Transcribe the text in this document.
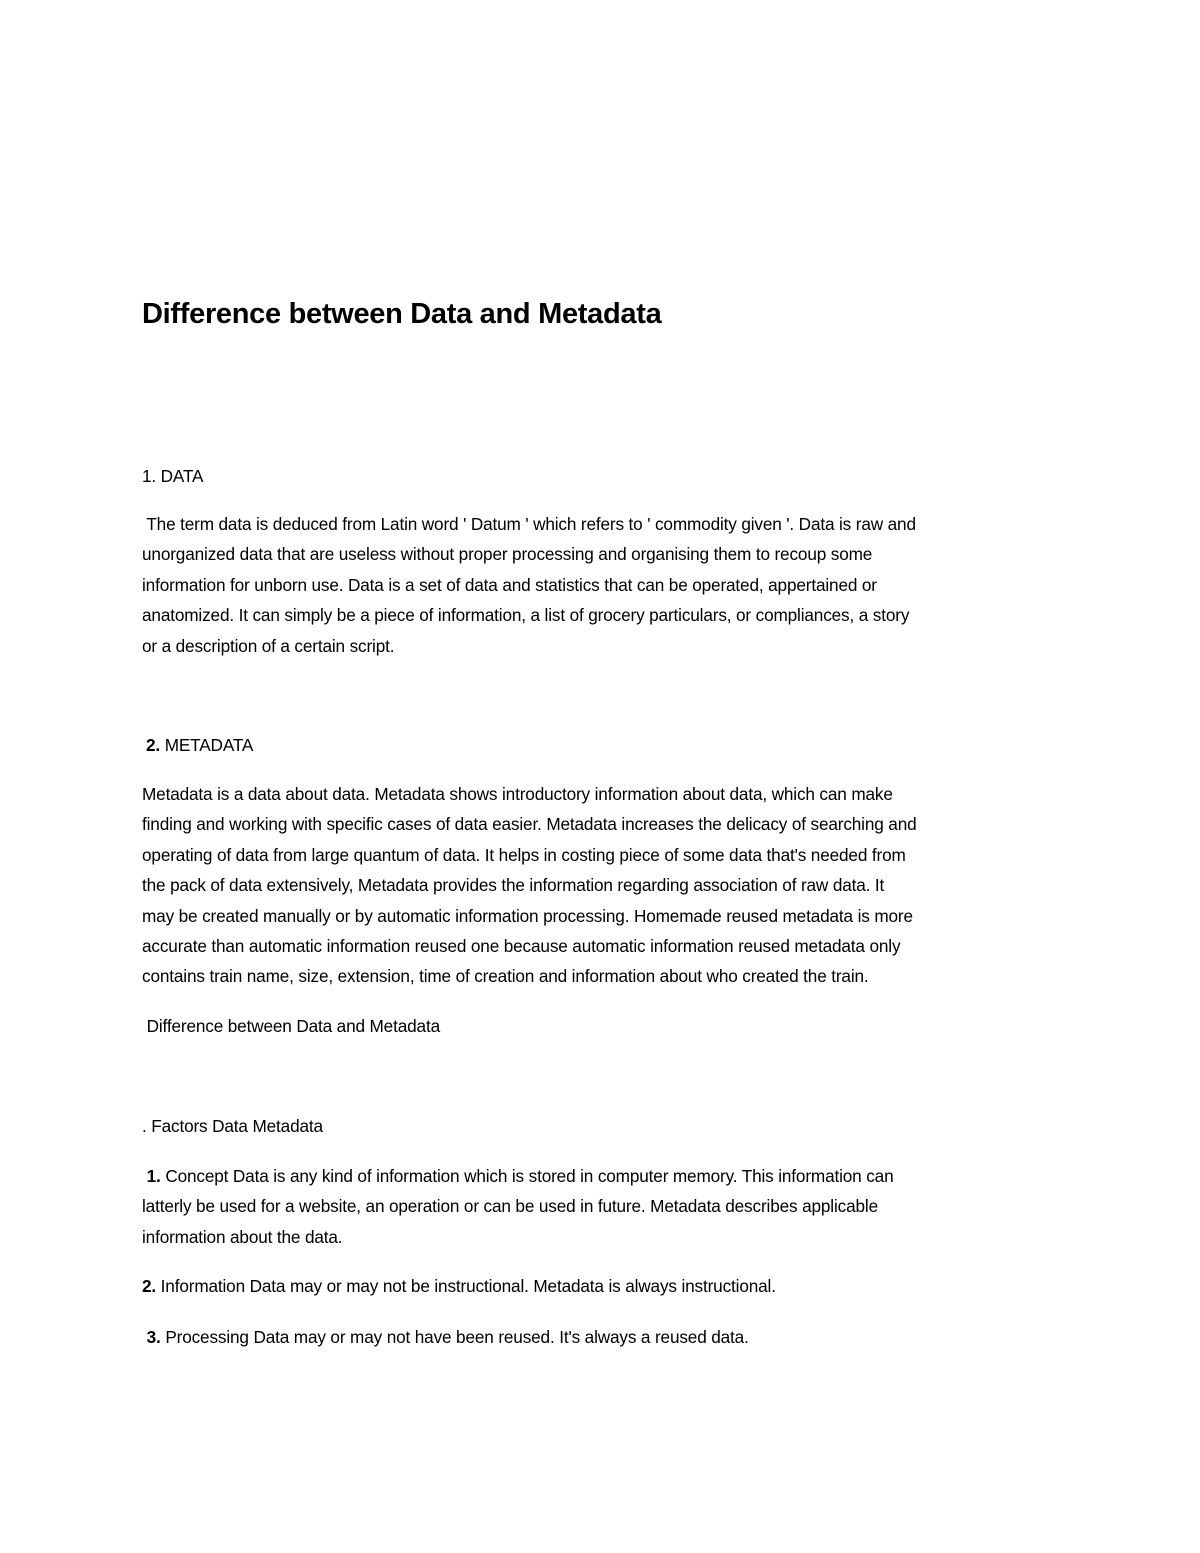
Difference between Data and Metadata
1. DATA
The term data is deduced from Latin word ' Datum ' which refers to ' commodity given '. Data is raw and
unorganized data that are useless without proper processing and organising them to recoup some
information for unborn use. Data is a set of data and statistics that can be operated, appertained or
anatomized. It can simply be a piece of information, a list of grocery particulars, or compliances, a story
or a description of a certain script.
2. METADATA
Metadata is a data about data. Metadata shows introductory information about data, which can make
finding and working with specific cases of data easier. Metadata increases the delicacy of searching and
operating of data from large quantum of data. It helps in costing piece of some data that's needed from
the pack of data extensively, Metadata provides the information regarding association of raw data. It
may be created manually or by automatic information processing. Homemade reused metadata is more
accurate than automatic information reused one because automatic information reused metadata only
contains train name, size, extension, time of creation and information about who created the train.
Difference between Data and Metadata
. Factors Data Metadata
1. Concept Data is any kind of information which is stored in computer memory. This information can
latterly be used for a website, an operation or can be used in future. Metadata describes applicable
information about the data.
2. Information Data may or may not be instructional. Metadata is always instructional.
3. Processing Data may or may not have been reused. It's always a reused data.
